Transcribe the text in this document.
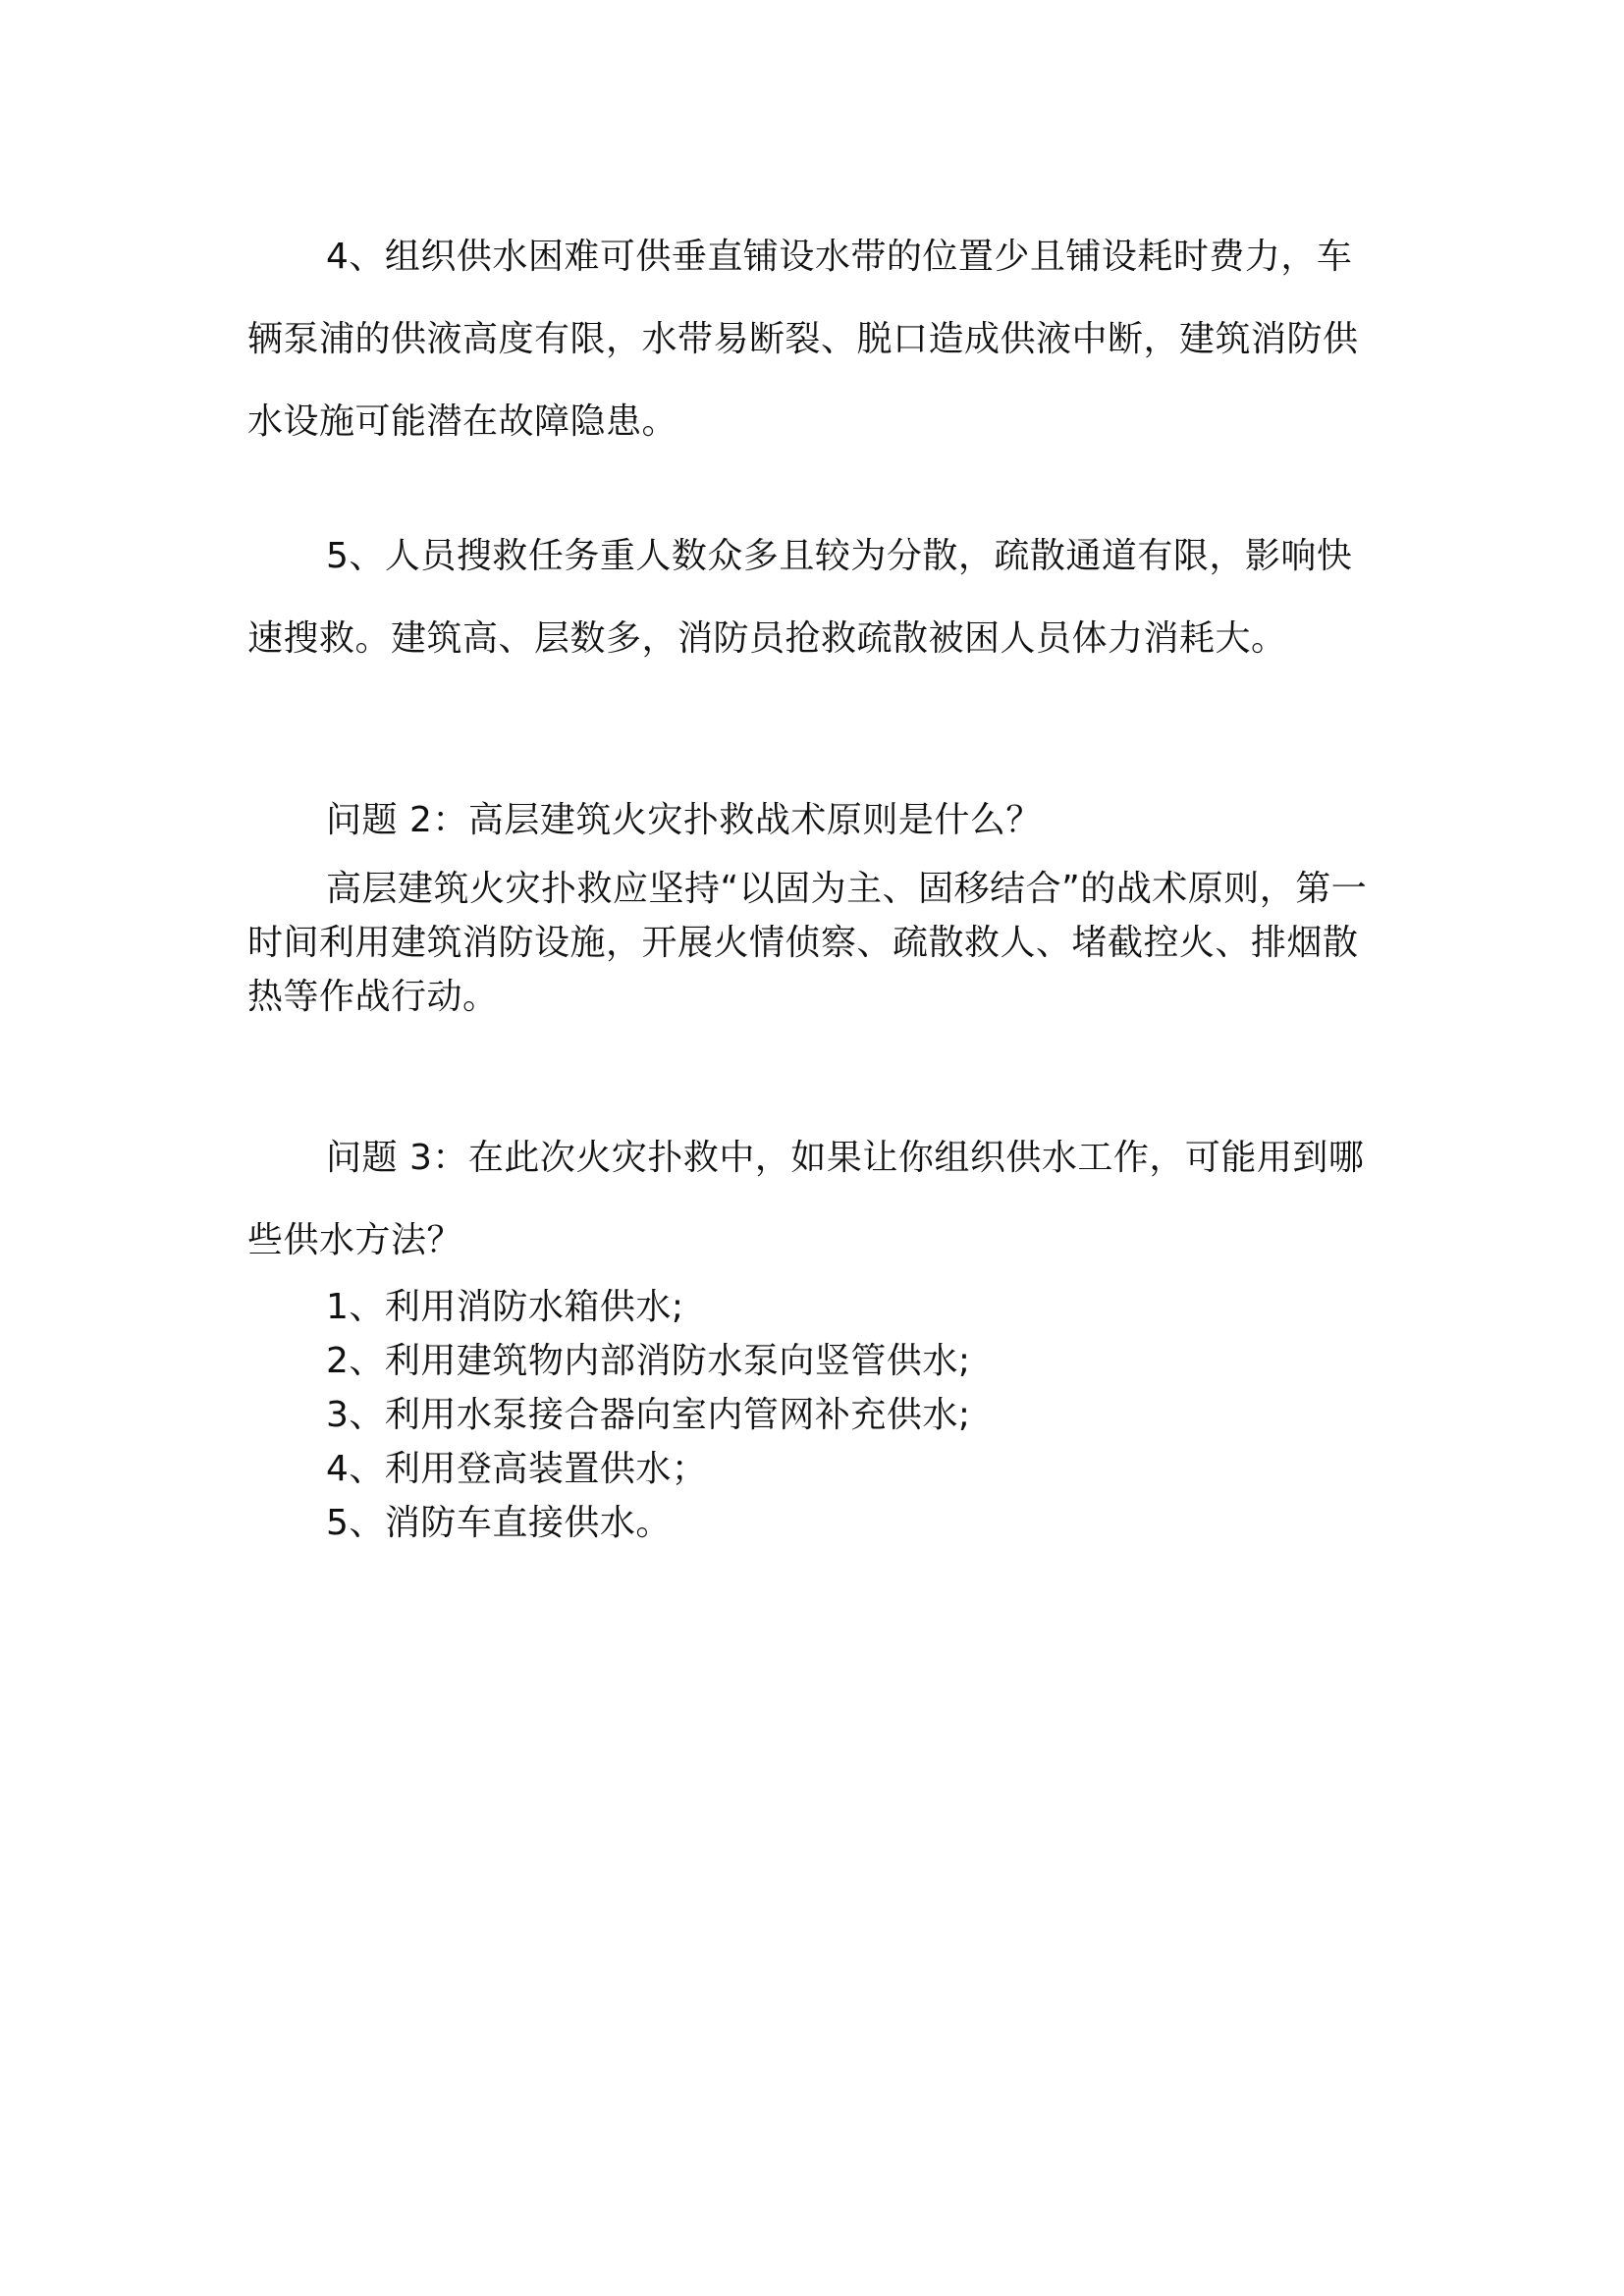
4、组织供水困难可供垂直铺设水带的位置少且铺设耗时费力，车辆泵浦的供液高度有限，水带易断裂、脱口造成供液中断，建筑消防供水设施可能潜在故障隐患。

5、人员搜救任务重人数众多且较为分散，疏散通道有限，影响快速搜救。建筑高、层数多，消防员抢救疏散被困人员体力消耗大。

问题 2：高层建筑火灾扑救战术原则是什么？

高层建筑火灾扑救应坚持“以固为主、固移结合”的战术原则，第一时间利用建筑消防设施，开展火情侦察、疏散救人、堵截控火、排烟散热等作战行动。

问题 3：在此次火灾扑救中，如果让你组织供水工作，可能用到哪些供水方法？

1、利用消防水箱供水;
2、利用建筑物内部消防水泵向竖管供水;
3、利用水泵接合器向室内管网补充供水;
4、利用登高装置供水；
5、消防车直接供水。
